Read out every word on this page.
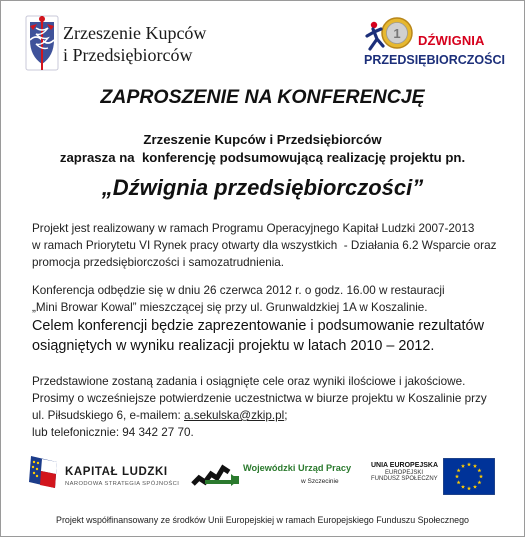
Zrzeszenie Kupców
i Przedsiębiorców
1 DŹWIGNIA
PRZEDSIĘBIORCZOŚCI
ZAPROSZENIE NA KONFERENCJĘ
Zrzeszenie Kupców i Przedsiębiorców
zaprasza na  konferencję podsumowującą realizację projektu pn.
„Dźwignia przedsiębiorczości”
Projekt jest realizowany w ramach Programu Operacyjnego Kapitał Ludzki 2007-2013
w ramach Priorytetu VI Rynek pracy otwarty dla wszystkich  - Działania 6.2 Wsparcie oraz
promocja przedsiębiorczości i samozatrudnienia.
Konferencja odbędzie się w dniu 26 czerwca 2012 r. o godz. 16.00 w restauracji
„Mini Browar Kowal” mieszczącej się przy ul. Grunwaldzkiej 1A w Koszalinie.
Celem konferencji będzie zaprezentowanie i podsumowanie rezultatów
osiągniętych w wyniku realizacji projektu w latach 2010 – 2012.
Przedstawione zostaną zadania i osiągnięte cele oraz wyniki ilościowe i jakościowe.
Prosimy o wcześniejsze potwierdzenie uczestnictwa w biurze projektu w Koszalinie przy
ul. Piłsudskiego 6, e-mailem: a.sekulska@zkip.pl;
lub telefonicznie: 94 342 27 70.
KAPITAŁ LUDZKI
NARODOWA STRATEGIA SPÓJNOŚCI
Wojewódzki Urząd Pracy
w Szczecinie
UNIA EUROPEJSKA
EUROPEJSKI
FUNDUSZ SPOŁECZNY
Projekt współfinansowany ze środków Unii Europejskiej w ramach Europejskiego Funduszu Społecznego
